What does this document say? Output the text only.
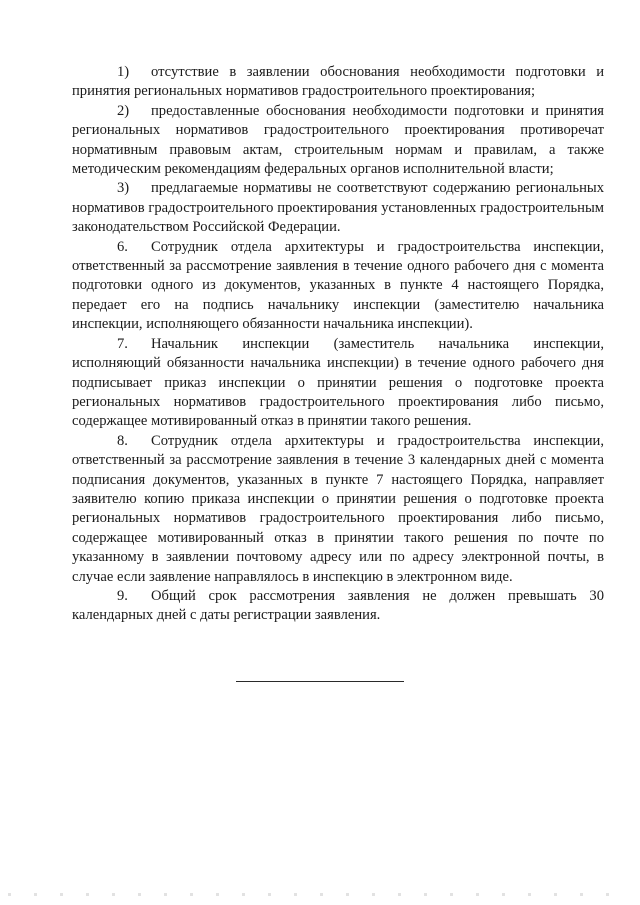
1) отсутствие в заявлении обоснования необходимости подготовки и принятия региональных нормативов градостроительного проектирования;

2) предоставленные обоснования необходимости подготовки и принятия региональных нормативов градостроительного проектирования противоречат нормативным правовым актам, строительным нормам и правилам, а также методическим рекомендациям федеральных органов исполнительной власти;

3) предлагаемые нормативы не соответствуют содержанию региональных нормативов градостроительного проектирования установленных градостроительным законодательством Российской Федерации.

6. Сотрудник отдела архитектуры и градостроительства инспекции, ответственный за рассмотрение заявления в течение одного рабочего дня с момента подготовки одного из документов, указанных в пункте 4 настоящего Порядка, передает его на подпись начальнику инспекции (заместителю начальника инспекции, исполняющего обязанности начальника инспекции).

7. Начальник инспекции (заместитель начальника инспекции, исполняющий обязанности начальника инспекции) в течение одного рабочего дня подписывает приказ инспекции о принятии решения о подготовке проекта региональных нормативов градостроительного проектирования либо письмо, содержащее мотивированный отказ в принятии такого решения.

8. Сотрудник отдела архитектуры и градостроительства инспекции, ответственный за рассмотрение заявления в течение 3 календарных дней с момента подписания документов, указанных в пункте 7 настоящего Порядка, направляет заявителю копию приказа инспекции о принятии решения о подготовке проекта региональных нормативов градостроительного проектирования либо письмо, содержащее мотивированный отказ в принятии такого решения по почте по указанному в заявлении почтовому адресу или по адресу электронной почты, в случае если заявление направлялось в инспекцию в электронном виде.

9. Общий срок рассмотрения заявления не должен превышать 30 календарных дней с даты регистрации заявления.
